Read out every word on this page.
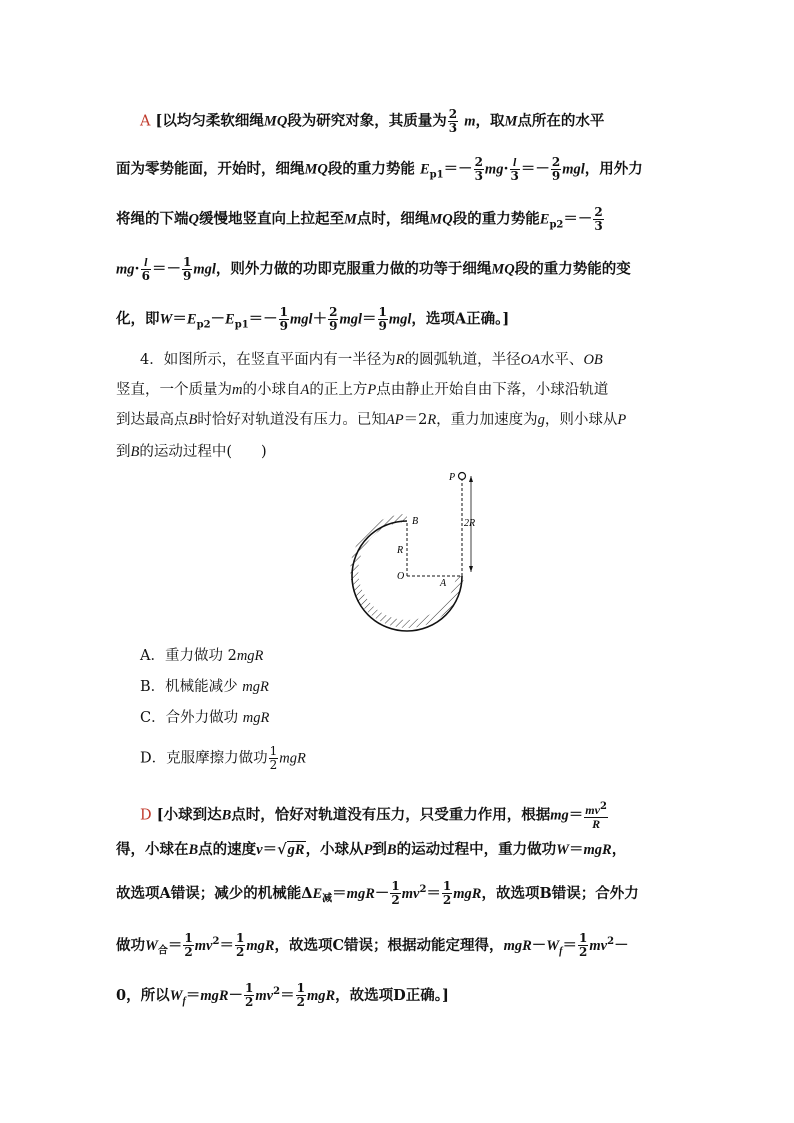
A [以均匀柔软细绳MQ段为研究对象，其质量为 $\frac{2}{3}$ m，取M点所在的水平
面为零势能面，开始时，细绳MQ段的重力势能 $E_{p1}=- \frac{2}{3} mg\cdot \frac{l}{3} =- \frac{2}{9}$ mgl，用外力
将绳的下端Q缓慢地竖直向上拉起至M点时，细绳MQ段的重力势能$E_{p2}=- \frac{2}{3}$
$mg\cdot \frac{l}{6} =- \frac{1}{9}$ mgl，则外力做的功即克服重力做的功等于细绳MQ段的重力势能的变
化，即$W=E_{p2}-E_{p1}=- \frac{1}{9} mgl+ \frac{2}{9} mgl= \frac{1}{9}$ mgl，选项A正确。]
4．如图所示，在竖直平面内有一半径为R的圆弧轨道，半径OA水平、OB
竖直，一个质量为m的小球自A的正上方P点由静止开始自由下落，小球沿轨道
到达最高点B时恰好对轨道没有压力。已知AP＝2R，重力加速度为g，则小球从P
到B的运动过程中(　　)
P
B
R
O
A
2R
A．重力做功 2mgR
B．机械能减少 mgR
C．合外力做功 mgR
D．克服摩擦力做功 $\frac{1}{2}$ mgR
D [小球到达B点时，恰好对轨道没有压力，只受重力作用，根据$mg= \frac{mv^2}{R}$
得，小球在B点的速度v＝√gR，小球从P到B的运动过程中，重力做功W＝mgR，
故选项A错误；减少的机械能$\Delta E_减=mgR- \frac{1}{2} mv^2= \frac{1}{2}$ mgR，故选项B错误；合外力
做功$W_合= \frac{1}{2} mv^2= \frac{1}{2}$ mgR，故选项C错误；根据动能定理得，$mgR-W_f= \frac{1}{2} mv^2-$
0，所以$W_f=mgR- \frac{1}{2} mv^2= \frac{1}{2}$ mgR，故选项D正确。]
